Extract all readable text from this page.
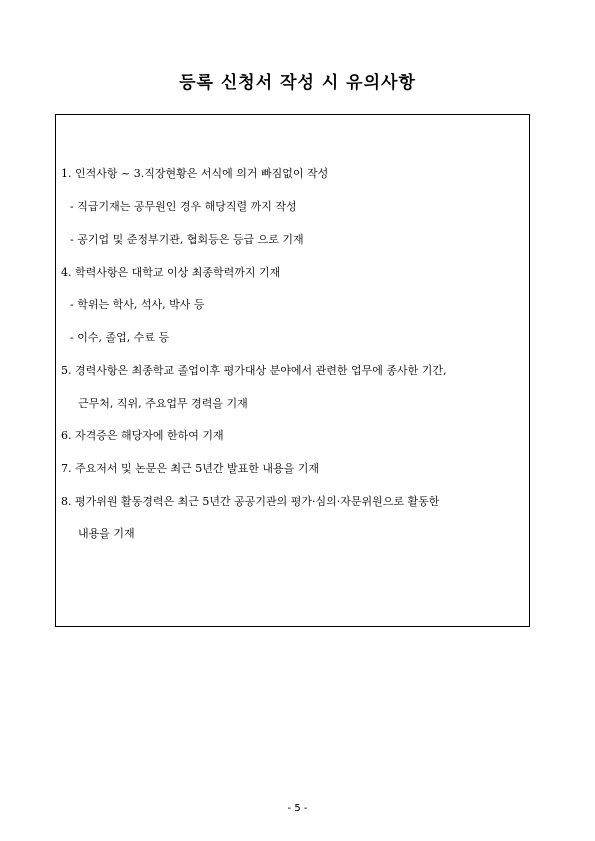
등록 신청서 작성 시 유의사항
1. 인적사항 ~ 3.직장현황은 서식에 의거 빠짐없이 작성
- 직급기재는 공무원인 경우 해당직렬 까지 작성
- 공기업 및 준정부기관, 협회등은 등급 으로 기재
4. 학력사항은 대학교 이상 최종학력까지 기재
- 학위는 학사, 석사, 박사 등
- 이수, 졸업, 수료 등
5. 경력사항은 최종학교 졸업이후 평가대상 분야에서 관련한 업무에 종사한 기간,
근무처, 직위, 주요업무 경력을 기재
6. 자격증은 해당자에 한하여 기재
7. 주요저서 및 논문은 최근 5년간 발표한 내용을 기재
8. 평가위원 활동경력은 최근 5년간 공공기관의 평가·심의·자문위원으로 활동한
내용을 기재
- 5 -
